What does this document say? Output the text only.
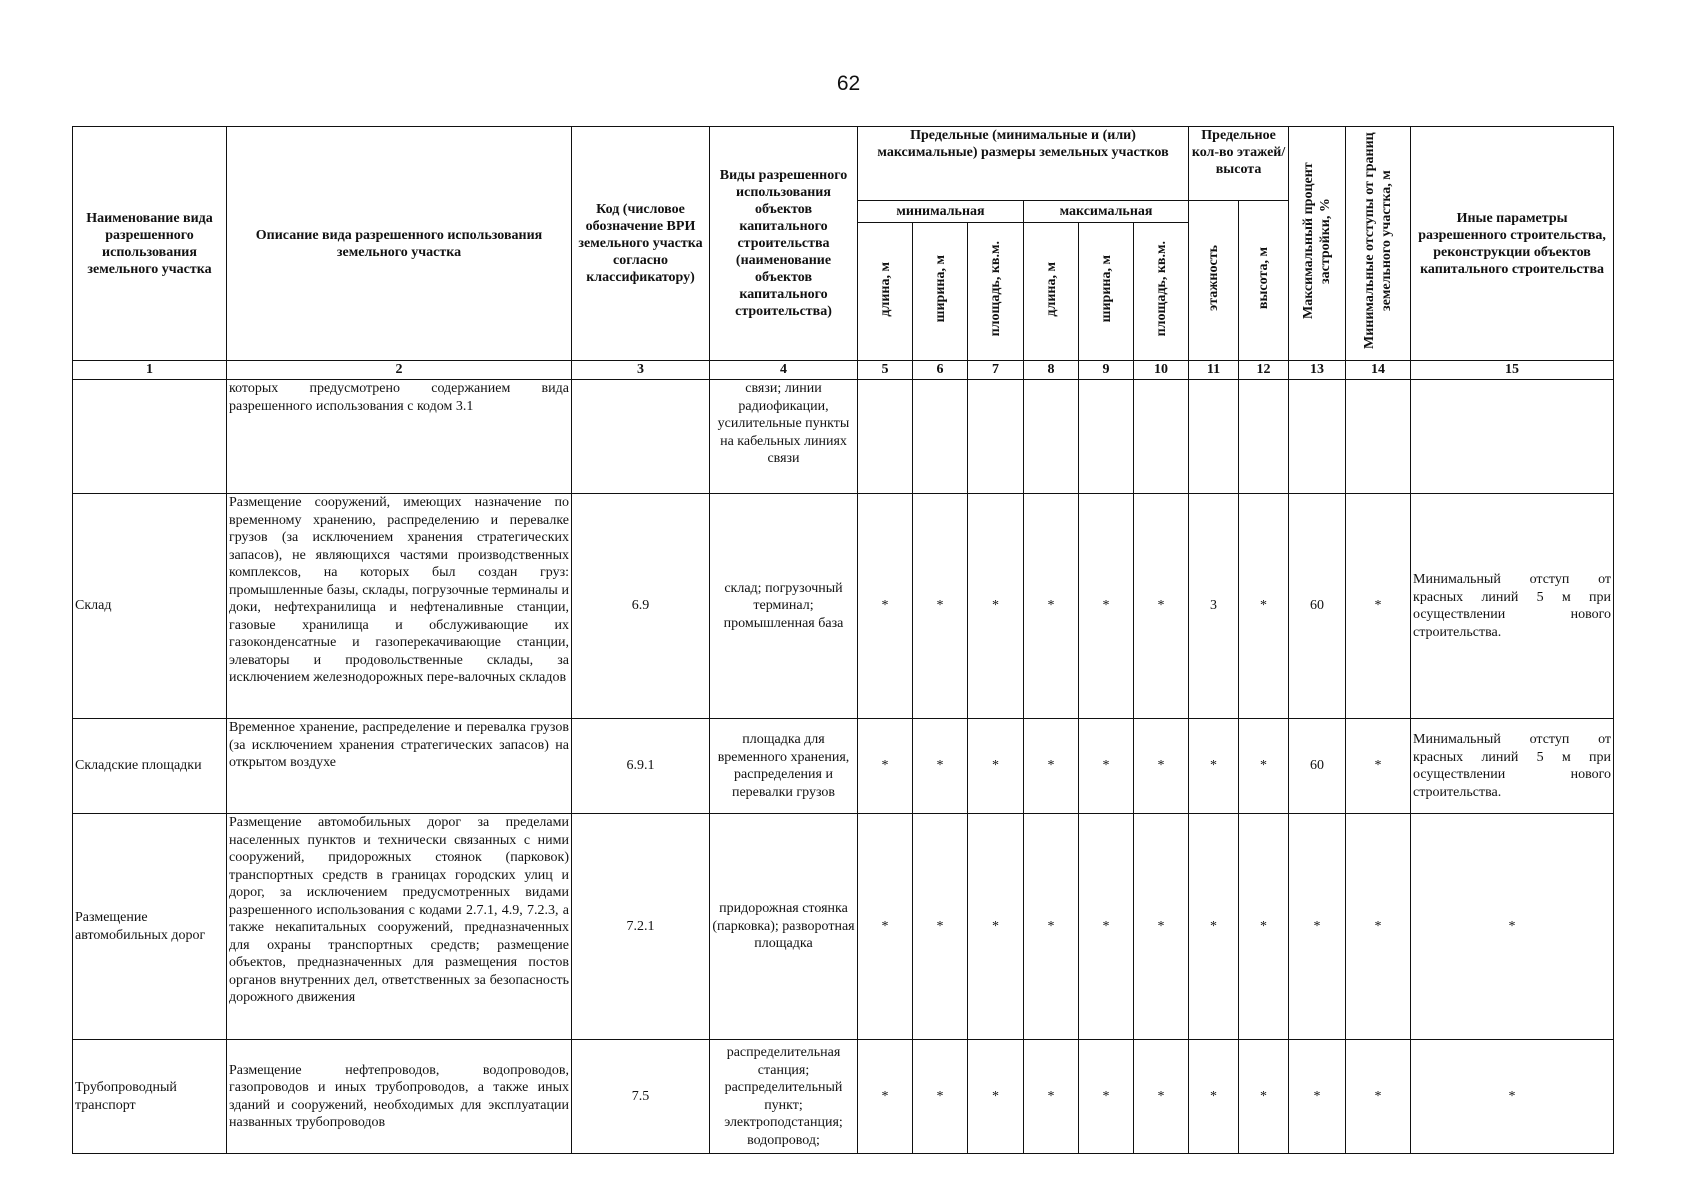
62
Наименование вида разрешенного использования земельного участка	Описание вида разрешенного использования земельного участка	Код (числовое обозначение ВРИ земельного участка согласно классификатору)	Виды разрешенного использования объектов капитального строительства (наименование объектов капитального строительства)	Предельные (минимальные и (или) максимальные) размеры земельных участков						Предельное кол-во этажей/ высота		Максимальный процент застройки, %	Минимальные отступы от границ земельного участка, м	Иные параметры разрешенного строительства, реконструкции объектов капитального строительства
				минимальная			максимальная			этажность	высота, м			
				длина, м	ширина, м	площадь, кв.м.	длина, м	ширина, м	площадь, кв.м.					
1	2	3	4	5	6	7	8	9	10	11	12	13	14	15
	которых предусмотрено содержанием вида разрешенного использования с кодом 3.1		связи; линии радиофикации, усилительные пункты на кабельных линиях связи											
Склад	Размещение сооружений, имеющих назначение по временному хранению, распределению и перевалке грузов (за исключением хранения стратегических запасов), не являющихся частями производственных комплексов, на которых был создан груз: промышленные базы, склады, погрузочные терминалы и доки, нефтехранилища и нефтеналивные станции, газовые хранилища и обслуживающие их газоконденсатные и газоперекачивающие станции, элеваторы и продовольственные склады, за исключением железнодорожных пере-валочных складов	6.9	склад; погрузочный терминал; промышленная база	*	*	*	*	*	*	3	*	60	*	Минимальный отступ от красных линий 5 м при осуществлении нового строительства.
Складские площадки	Временное хранение, распределение и перевалка грузов (за исключением хранения стратегических запасов) на открытом воздухе	6.9.1	площадка для временного хранения, распределения и перевалки грузов	*	*	*	*	*	*	*	*	60	*	Минимальный отступ от красных линий 5 м при осуществлении нового строительства.
Размещение автомобильных дорог	Размещение автомобильных дорог за пределами населенных пунктов и технически связанных с ними сооружений, придорожных стоянок (парковок) транспортных средств в границах городских улиц и дорог, за исключением предусмотренных видами разрешенного использования с кодами 2.7.1, 4.9, 7.2.3, а также некапитальных сооружений, предназначенных для охраны транспортных средств; размещение объектов, предназначенных для размещения постов органов внутренних дел, ответственных за безопасность дорожного движения	7.2.1	придорожная стоянка (парковка); разворотная площадка	*	*	*	*	*	*	*	*	*	*	*
Трубопроводный транспорт	Размещение нефтепроводов, водопроводов, газопроводов и иных трубопроводов, а также иных зданий и сооружений, необходимых для эксплуатации названных трубопроводов	7.5	распределительная станция; распределительный пункт; электроподстанция; водопровод;	*	*	*	*	*	*	*	*	*	*	*
